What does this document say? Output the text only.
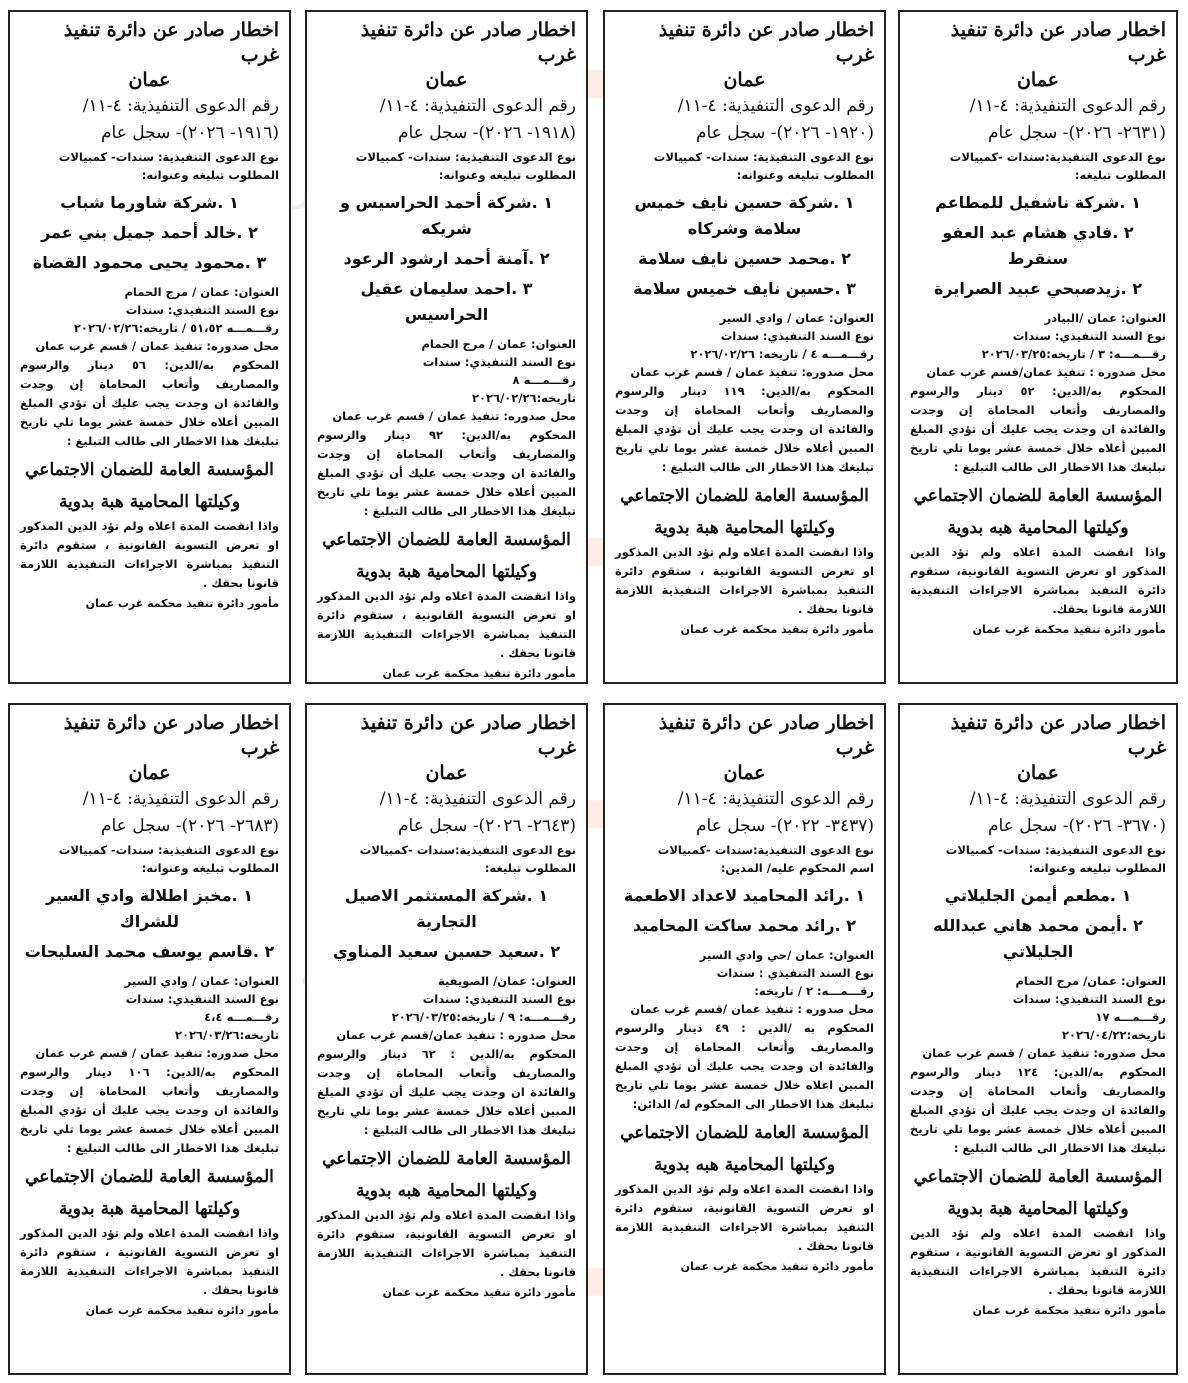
اخطار صادر عن دائرة تنفيذ غرب

عمان

رقم الدعوى التنفيذية: ٤-١١/

(٢٦٣١- ٢٠٢٦)- سجل عام

نوع الدعوى التنفيذية:سندات -كمبيالات

المطلوب تبليغه:

١ .شركة ناشفيل للمطاعم

٢ .فادي هشام عبد العفو سنقرط

٢ .زيدصبحي عبيد الصرايرة

العنوان: عمان /البيادر

نوع السند التنفيذي: سندات

رقـــمـــه: ٣ / تاريخه:٢٠٢٦/٠٣/٢٥

محل صدوره : تنفيذ عمان/قسم غرب عمان

المحكوم به/الدين: ٥٢ دينار والرسوم والمصاريف وأتعاب المحاماة إن وجدت والفائدة ان وجدت يجب عليك أن تؤدي المبلغ المبين أعلاه خلال خمسة عشر يوما تلي تاريخ تبليغك هذا الاخطار الى طالب التبليغ :

المؤسسة العامة للضمان الاجتماعي

وكيلتها المحامية هبه بدوية

واذا انقضت المدة اعلاه ولم تؤد الدين المذكور او تعرض التسوية القانونية، ستقوم دائرة التنفيذ بمباشرة الاجراءات التنفيذية اللازمة قانونا بحقك.

مأمور دائرة تنفيذ محكمة غرب عمان

اخطار صادر عن دائرة تنفيذ غرب

عمان

رقم الدعوى التنفيذية: ٤-١١/

(١٩٢٠- ٢٠٢٦)- سجل عام

نوع الدعوى التنفيذية: سندات- كمبيالات

المطلوب تبليغه وعنوانه:

١ .شركة حسين نايف خميس سلامة وشركاه

٢ .محمد حسين نايف سلامة

٣ .حسين نايف خميس سلامة

العنوان: عمان / وادي السير

نوع السند التنفيذي: سندات

رقـــمـــه ٤ / تاريخه: ٢٠٢٦/٠٢/٢٦

محل صدوره: تنفيذ عمان / قسم غرب عمان

المحكوم به/الدين: ١١٩ دينار والرسوم والمصاريف وأتعاب المحاماة إن وجدت والفائدة ان وجدت يجب عليك أن تؤدي المبلغ المبين أعلاه خلال خمسة عشر يوما تلي تاريخ تبليغك هذا الاخطار الى طالب التبليغ :

المؤسسة العامة للضمان الاجتماعي

وكيلتها المحامية هبة بدوية

واذا انقضت المدة اعلاه ولم تؤد الدين المذكور او تعرض التسوية القانونية ، ستقوم دائرة التنفيذ بمباشرة الاجراءات التنفيذية اللازمة قانونا بحقك .

مأمور دائرة تنفيذ محكمة غرب عمان

اخطار صادر عن دائرة تنفيذ غرب

عمان

رقم الدعوى التنفيذية: ٤-١١/

(١٩١٨- ٢٠٢٦)- سجل عام

نوع الدعوى التنفيذية: سندات- كمبيالات

المطلوب تبليغه وعنوانه:

١ .شركة أحمد الحراسيس و شريكه

٢ .آمنة أحمد ارشود الرعود

٣ .احمد سليمان عقيل الحراسيس

العنوان: عمان / مرج الحمام

نوع السند التنفيذي: سندات

رقـــمـــه ٨

تاريخه:٢٠٢٦/٠٢/٢٦

محل صدوره: تنفيذ عمان / قسم غرب عمان

المحكوم به/الدين: ٩٢ دينار والرسوم والمصاريف وأتعاب المحاماة إن وجدت والفائدة ان وجدت يجب عليك أن تؤدي المبلغ المبين أعلاه خلال خمسة عشر يوما تلي تاريخ تبليغك هذا الاخطار الى طالب التبليغ :

المؤسسة العامة للضمان الاجتماعي

وكيلتها المحامية هبة بدوية

واذا انقضت المدة اعلاه ولم تؤد الدين المذكور او تعرض التسوية القانونية ، ستقوم دائرة التنفيذ بمباشرة الاجراءات التنفيذية اللازمة قانونا بحقك .

مأمور دائرة تنفيذ محكمة غرب عمان

اخطار صادر عن دائرة تنفيذ غرب

عمان

رقم الدعوى التنفيذية: ٤-١١/

(١٩١٦- ٢٠٢٦)- سجل عام

نوع الدعوى التنفيذية: سندات- كمبيالات

المطلوب تبليغه وعنوانه:

١ .شركة شاورما شباب

٢ .خالد أحمد جميل بني عمر

٣ .محمود يحيى محمود القضاة

العنوان: عمان / مرج الحمام

نوع السند التنفيذي: سندات

رقـــمـــه ٥١،٥٢ / تاريخه:٢٠٢٦/٠٢/٢٦

محل صدوره: تنفيذ عمان / قسم غرب عمان

المحكوم به/الدين: ٥٦ دينار والرسوم والمصاريف وأتعاب المحاماة إن وجدت والفائدة ان وجدت يجب عليك أن تؤدي المبلغ المبين أعلاه خلال خمسة عشر يوما تلي تاريخ تبليغك هذا الاخطار الى طالب التبليغ :

المؤسسة العامة للضمان الاجتماعي

وكيلتها المحامية هبة بدوية

واذا انقضت المدة اعلاه ولم تؤد الدين المذكور او تعرض التسوية القانونية ، ستقوم دائرة التنفيذ بمباشرة الاجراءات التنفيذية اللازمة قانونا بحقك .

مأمور دائرة تنفيذ محكمة غرب عمان

اخطار صادر عن دائرة تنفيذ غرب

عمان

رقم الدعوى التنفيذية: ٤-١١/

(٣٦٧٠- ٢٠٢٦)- سجل عام

نوع الدعوى التنفيذية: سندات- كمبيالات

المطلوب تبليغه وعنوانه:

١ .مطعم أيمن الجليلاتي

٢ .أيمن محمد هاني عبدالله الجليلاتي

العنوان: عمان/ مرج الحمام

نوع السند التنفيذي: سندات

رقـــمـــه ١٧

تاريخه:٢٠٢٦/٠٤/٢٢

محل صدوره: تنفيذ عمان / قسم غرب عمان

المحكوم به/الدين: ١٢٤ دينار والرسوم والمصاريف وأتعاب المحاماة إن وجدت والفائدة ان وجدت يجب عليك أن تؤدي المبلغ المبين أعلاه خلال خمسة عشر يوما تلي تاريخ تبليغك هذا الاخطار الى طالب التبليغ :

المؤسسة العامة للضمان الاجتماعي

وكيلتها المحامية هبة بدوية

واذا انقضت المدة اعلاه ولم تؤد الدين المذكور او تعرض التسوية القانونية ، ستقوم دائرة التنفيذ بمباشرة الاجراءات التنفيذية اللازمة قانونا بحقك .

مأمور دائرة تنفيذ محكمة غرب عمان

اخطار صادر عن دائرة تنفيذ غرب

عمان

رقم الدعوى التنفيذية: ٤-١١/

(٣٤٣٧- ٢٠٢٢)- سجل عام

نوع الدعوى التنفيذية:سندات -كمبيالات

اسم المحكوم عليه/ المدين:

١ .رائد المحاميد لاعداد الاطعمة

٢ .رائد محمد ساكت المحاميد

العنوان: عمان /حي وادي السير

نوع السند التنفيذي : سندات

رقـــمـــه: ٢ / تاريخه:

محل صدوره : تنفيذ عمان /قسم غرب عمان

المحكوم به /الدين : ٤٩ دينار والرسوم والمصاريف وأتعاب المحاماة إن وجدت والفائدة ان وجدت يجب عليك أن تؤدي المبلغ المبين اعلاه خلال خمسة عشر يوما تلي تاريخ تبليغك هذا الاخطار الى المحكوم له/ الدائن:

المؤسسة العامة للضمان الاجتماعي

وكيلتها المحامية هبه بدوية

واذا انقضت المدة اعلاه ولم تؤد الدين المذكور او تعرض التسوية القانونية، ستقوم دائرة التنفيذ بمباشرة الاجراءات التنفيذية اللازمة قانونا بحقك .

مأمور دائرة تنفيذ محكمة غرب عمان

اخطار صادر عن دائرة تنفيذ غرب

عمان

رقم الدعوى التنفيذية: ٤-١١/

(٢٦٤٣- ٢٠٢٦)- سجل عام

نوع الدعوى التنفيذية:سندات -كمبيالات

المطلوب تبليغه:

١ .شركة المستثمر الاصيل التجارية

٢ .سعيد حسين سعيد المناوي

العنوان: عمان/ الصويفية

نوع السند التنفيذي: سندات

رقـــمـــه: ٩ / تاريخه:٢٠٢٦/٠٣/٢٥

محل صدوره : تنفيذ عمان/قسم غرب عمان

المحكوم به/الدين : ٦٢ دينار والرسوم والمصاريف وأتعاب المحاماة إن وجدت والفائدة ان وجدت يجب عليك أن تؤدي المبلغ المبين أعلاه خلال خمسة عشر يوما تلي تاريخ تبليغك هذا الاخطار الى طالب التبليغ :

المؤسسة العامة للضمان الاجتماعي

وكيلتها المحامية هبه بدوية

واذا انقضت المدة اعلاه ولم تؤد الدين المذكور او تعرض التسوية القانونية، ستقوم دائرة التنفيذ بمباشرة الاجراءات التنفيذية اللازمة قانونا بحقك .

مأمور دائرة تنفيذ محكمة غرب عمان

اخطار صادر عن دائرة تنفيذ غرب

عمان

رقم الدعوى التنفيذية: ٤-١١/

(٢٦٨٣- ٢٠٢٦)- سجل عام

نوع الدعوى التنفيذية: سندات- كمبيالات

المطلوب تبليغه وعنوانه:

١ .مخبز اطلالة وادي السير للشراك

٢ .قاسم يوسف محمد السليحات

العنوان: عمان / وادي السير

نوع السند التنفيذي: سندات

رقـــمـــه ٤،٤

تاريخه:٢٠٢٦/٠٣/٢٦

محل صدوره: تنفيذ عمان / قسم غرب عمان

المحكوم به/الدين: ١٠٦ دينار والرسوم والمصاريف وأتعاب المحاماة إن وجدت والفائدة ان وجدت يجب عليك أن تؤدي المبلغ المبين أعلاه خلال خمسة عشر يوما تلي تاريخ تبليغك هذا الاخطار الى طالب التبليغ :

المؤسسة العامة للضمان الاجتماعي

وكيلتها المحامية هبة بدوية

واذا انقضت المدة اعلاه ولم تؤد الدين المذكور او تعرض التسوية القانونية ، ستقوم دائرة التنفيذ بمباشرة الاجراءات التنفيذية اللازمة قانونا بحقك .

مأمور دائرة تنفيذ محكمة غرب عمان
